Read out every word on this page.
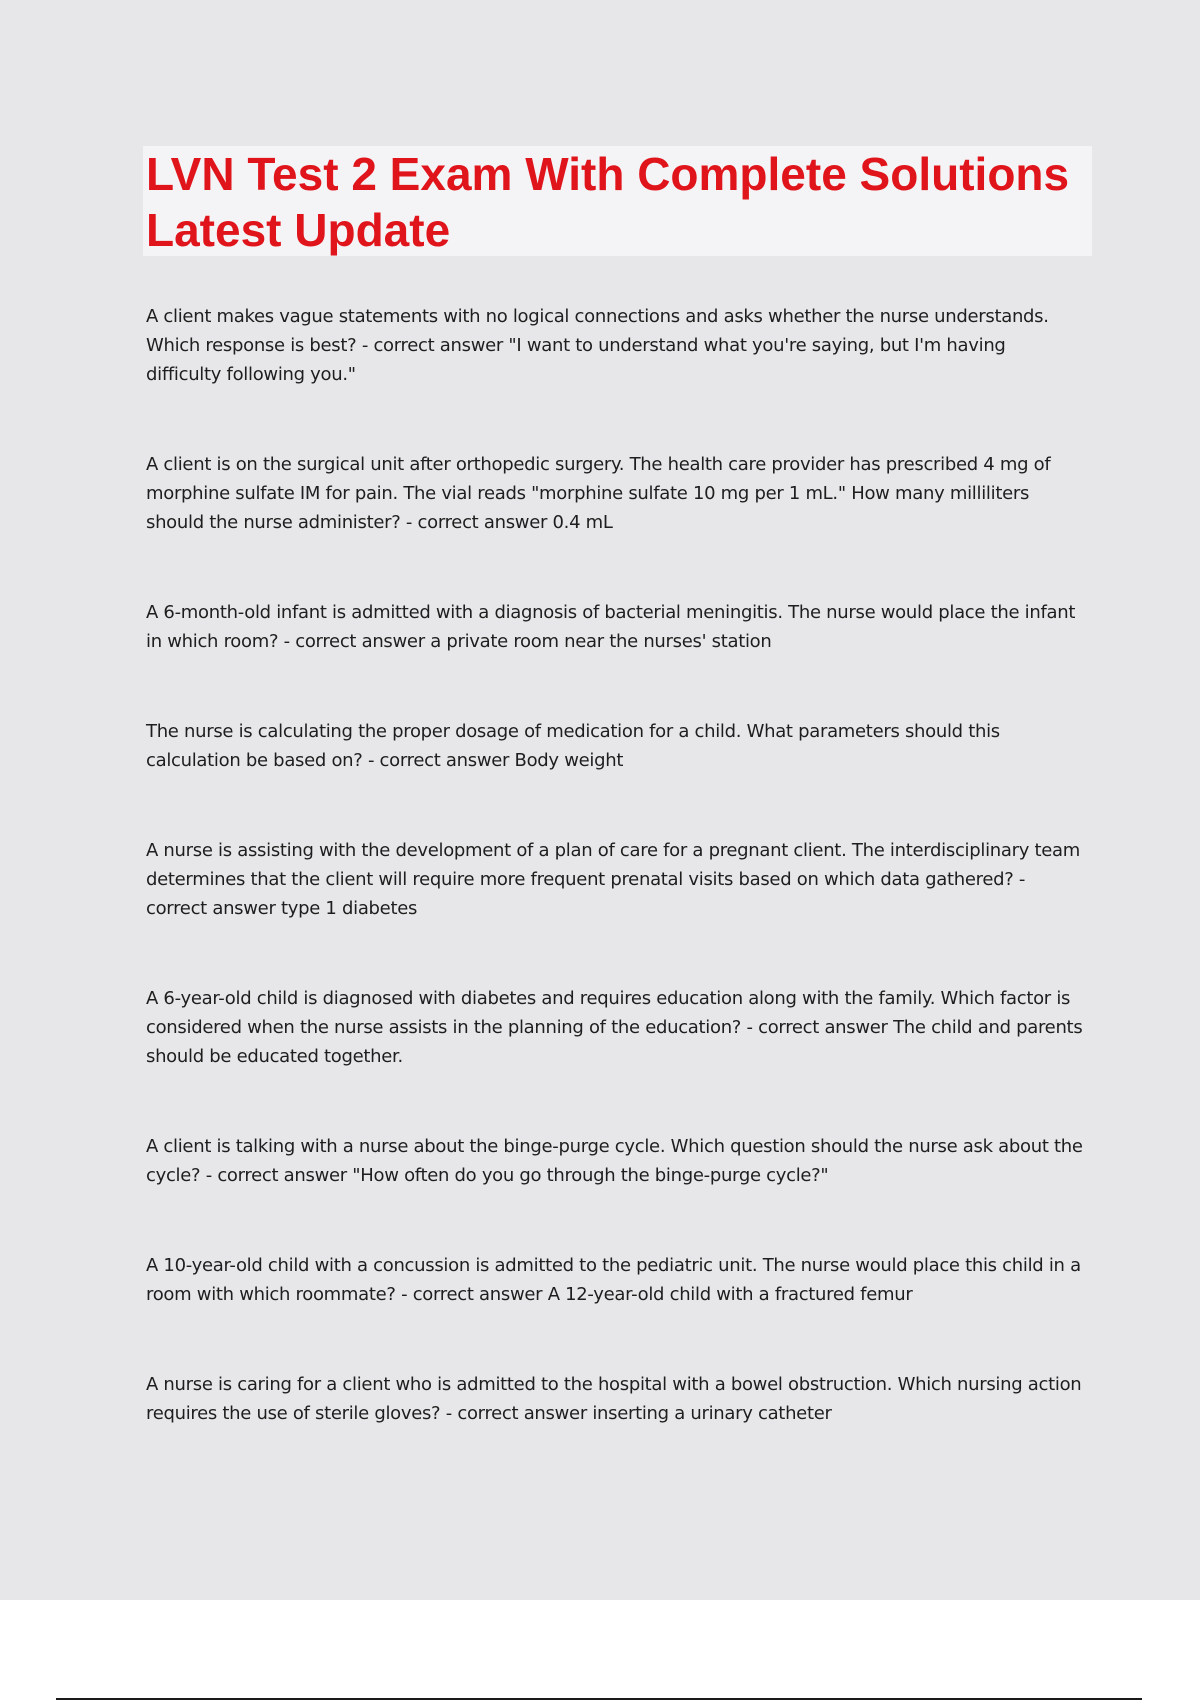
LVN Test 2 Exam With Complete Solutions Latest Update

A client makes vague statements with no logical connections and asks whether the nurse understands. Which response is best? - correct answer "I want to understand what you're saying, but I'm having difficulty following you."

A client is on the surgical unit after orthopedic surgery. The health care provider has prescribed 4 mg of morphine sulfate IM for pain. The vial reads "morphine sulfate 10 mg per 1 mL." How many milliliters should the nurse administer? - correct answer 0.4 mL

A 6-month-old infant is admitted with a diagnosis of bacterial meningitis. The nurse would place the infant in which room? - correct answer a private room near the nurses' station

The nurse is calculating the proper dosage of medication for a child. What parameters should this calculation be based on? - correct answer Body weight

A nurse is assisting with the development of a plan of care for a pregnant client. The interdisciplinary team determines that the client will require more frequent prenatal visits based on which data gathered? - correct answer type 1 diabetes

A 6-year-old child is diagnosed with diabetes and requires education along with the family. Which factor is considered when the nurse assists in the planning of the education? - correct answer The child and parents should be educated together.

A client is talking with a nurse about the binge-purge cycle. Which question should the nurse ask about the cycle? - correct answer "How often do you go through the binge-purge cycle?"

A 10-year-old child with a concussion is admitted to the pediatric unit. The nurse would place this child in a room with which roommate? - correct answer A 12-year-old child with a fractured femur

A nurse is caring for a client who is admitted to the hospital with a bowel obstruction. Which nursing action requires the use of sterile gloves? - correct answer inserting a urinary catheter
